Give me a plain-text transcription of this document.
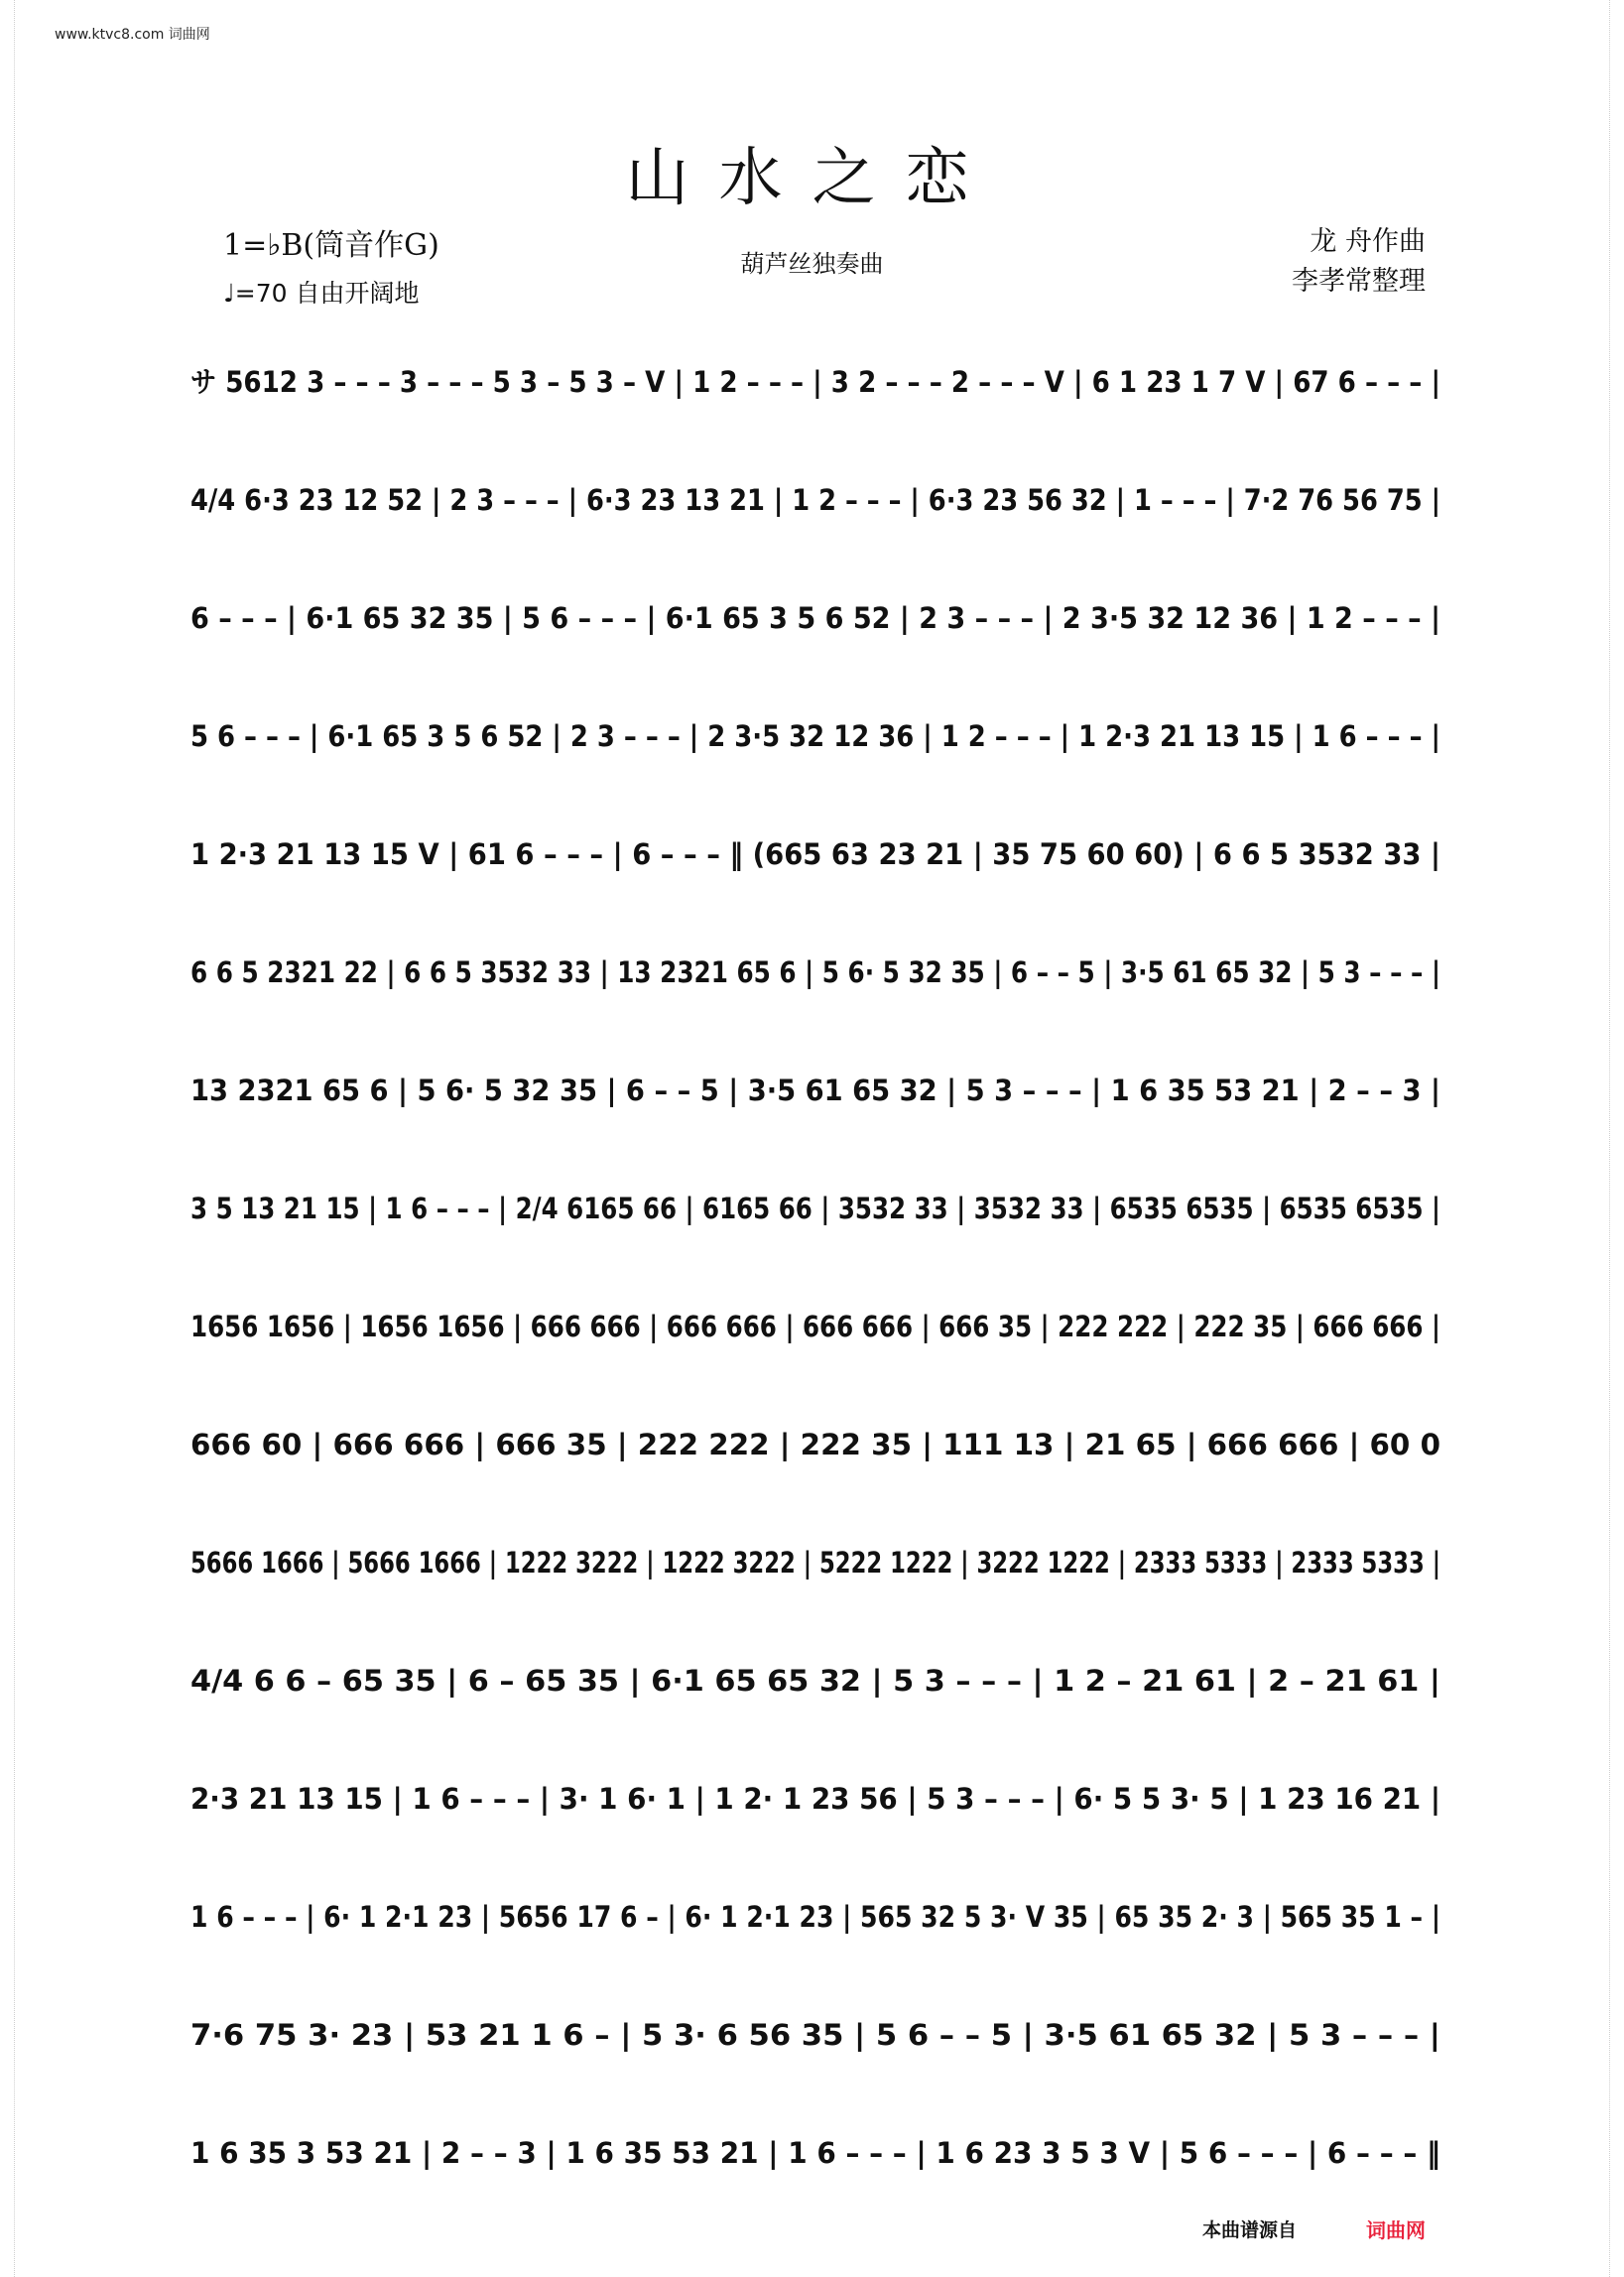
www.ktvc8.com 词曲网
山水之恋
1=♭B(筒音作G)
♩=70 自由开阔地
葫芦丝独奏曲
龙 舟作曲
李孝常整理
サ 5612 3 – – – 3 – – – 5 3 – 5 3 – V | 1 2 – – – | 3 2 – – – 2 – – – V | 6 1 23 1 7 V | 67 6 – – – |
4/4 6·3 23 12 52 | 2 3 – – – | 6·3 23 13 21 | 1 2 – – – | 6·3 23 56 32 | 1 – – – | 7·2 76 56 75 |
6 – – – | 6·1 65 32 35 | 5 6 – – – | 6·1 65 3 5 6 52 | 2 3 – – – | 2 3·5 32 12 36 | 1 2 – – – |
5 6 – – – | 6·1 65 3 5 6 52 | 2 3 – – – | 2 3·5 32 12 36 | 1 2 – – – | 1 2·3 21 13 15 | 1 6 – – – |
1 2·3 21 13 15 V | 61 6 – – – | 6 – – – ‖ (665 63 23 21 | 35 75 60 60) | 6 6 5 3532 33 |
6 6 5 2321 22 | 6 6 5 3532 33 | 13 2321 65 6 | 5 6· 5 32 35 | 6 – – 5 | 3·5 61 65 32 | 5 3 – – – |
13 2321 65 6 | 5 6· 5 32 35 | 6 – – 5 | 3·5 61 65 32 | 5 3 – – – | 1 6 35 53 21 | 2 – – 3 |
3 5 13 21 15 | 1 6 – – – | 2/4 6165 66 | 6165 66 | 3532 33 | 3532 33 | 6535 6535 | 6535 6535 |
1656 1656 | 1656 1656 | 666 666 | 666 666 | 666 666 | 666 35 | 222 222 | 222 35 | 666 666 |
666 60 | 666 666 | 666 35 | 222 222 | 222 35 | 111 13 | 21 65 | 666 666 | 60 0
5666 1666 | 5666 1666 | 1222 3222 | 1222 3222 | 5222 1222 | 3222 1222 | 2333 5333 | 2333 5333 |
4/4 6 6 – 65 35 | 6 – 65 35 | 6·1 65 65 32 | 5 3 – – – | 1 2 – 21 61 | 2 – 21 61 |
2·3 21 13 15 | 1 6 – – – | 3· 1 6· 1 | 1 2· 1 23 56 | 5 3 – – – | 6· 5 5 3· 5 | 1 23 16 21 |
1 6 – – – | 6· 1 2·1 23 | 5656 17 6 – | 6· 1 2·1 23 | 565 32 5 3· V 35 | 65 35 2· 3 | 565 35 1 – |
7·6 75 3· 23 | 53 21 1 6 – | 5 3· 6 56 35 | 5 6 – – 5 | 3·5 61 65 32 | 5 3 – – – |
1 6 35 3 53 21 | 2 – – 3 | 1 6 35 53 21 | 1 6 – – – | 1 6 23 3 5 3 V | 5 6 – – – | 6 – – – ‖
本曲谱源自	词曲网
